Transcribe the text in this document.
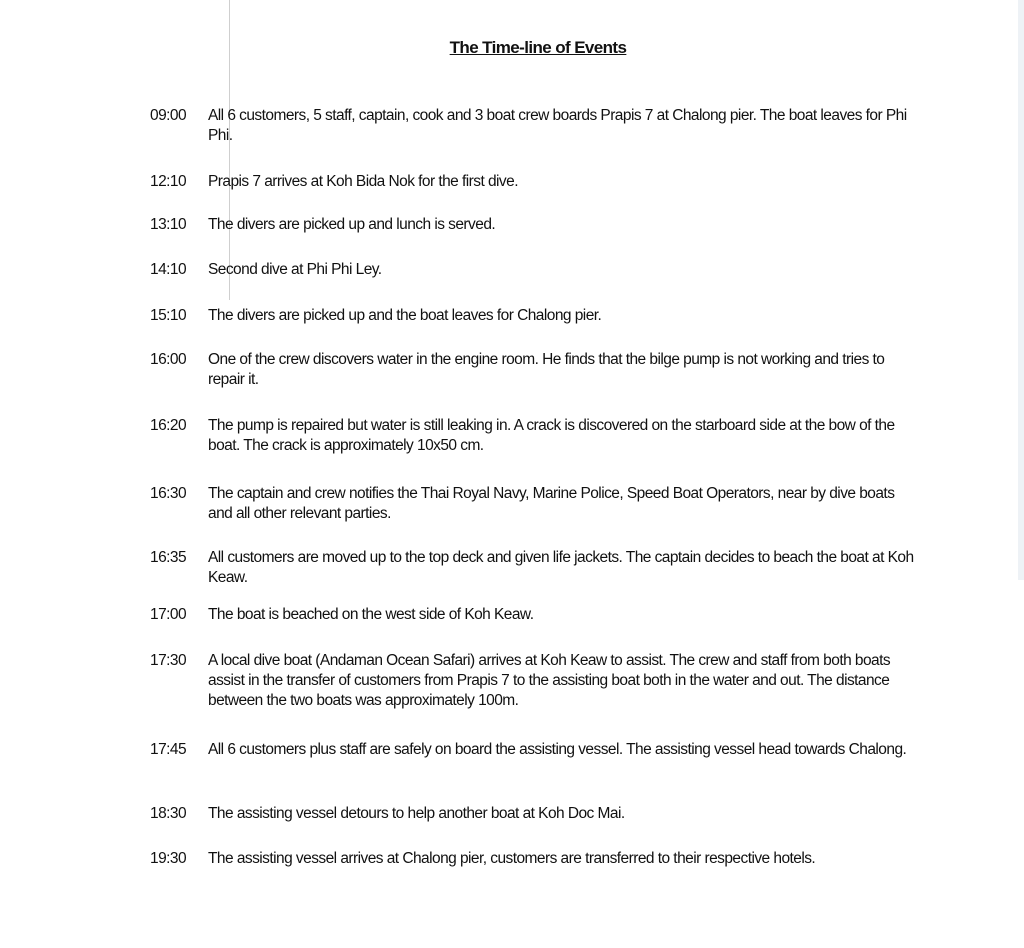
The Time-line of Events
09:00	All 6 customers, 5 staff, captain, cook and 3 boat crew boards Prapis 7 at Chalong pier. The boat leaves for Phi Phi.
12:10	Prapis 7 arrives at Koh Bida Nok for the first dive.
13:10	The divers are picked up and lunch is served.
14:10	Second dive at Phi Phi Ley.
15:10	The divers are picked up and the boat leaves for Chalong pier.
16:00	One of the crew discovers water in the engine room. He finds that the bilge pump is not working and tries to repair it.
16:20	The pump is repaired but water is still leaking in. A crack is discovered on the starboard side at the bow of the boat. The crack is approximately 10x50 cm.
16:30	The captain and crew notifies the Thai Royal Navy, Marine Police, Speed Boat Operators, near by dive boats and all other relevant parties.
16:35	All customers are moved up to the top deck and given life jackets. The captain decides to beach the boat at Koh Keaw.
17:00	The boat is beached on the west side of Koh Keaw.
17:30	A local dive boat (Andaman Ocean Safari) arrives at Koh Keaw to assist. The crew and staff from both boats assist in the transfer of customers from Prapis 7 to the assisting boat both in the water and out. The distance between the two boats was approximately 100m.
17:45	All 6 customers plus staff are safely on board the assisting vessel. The assisting vessel head towards Chalong.
18:30	The assisting vessel detours to help another boat at Koh Doc Mai.
19:30	The assisting vessel arrives at Chalong pier, customers are transferred to their respective hotels.
